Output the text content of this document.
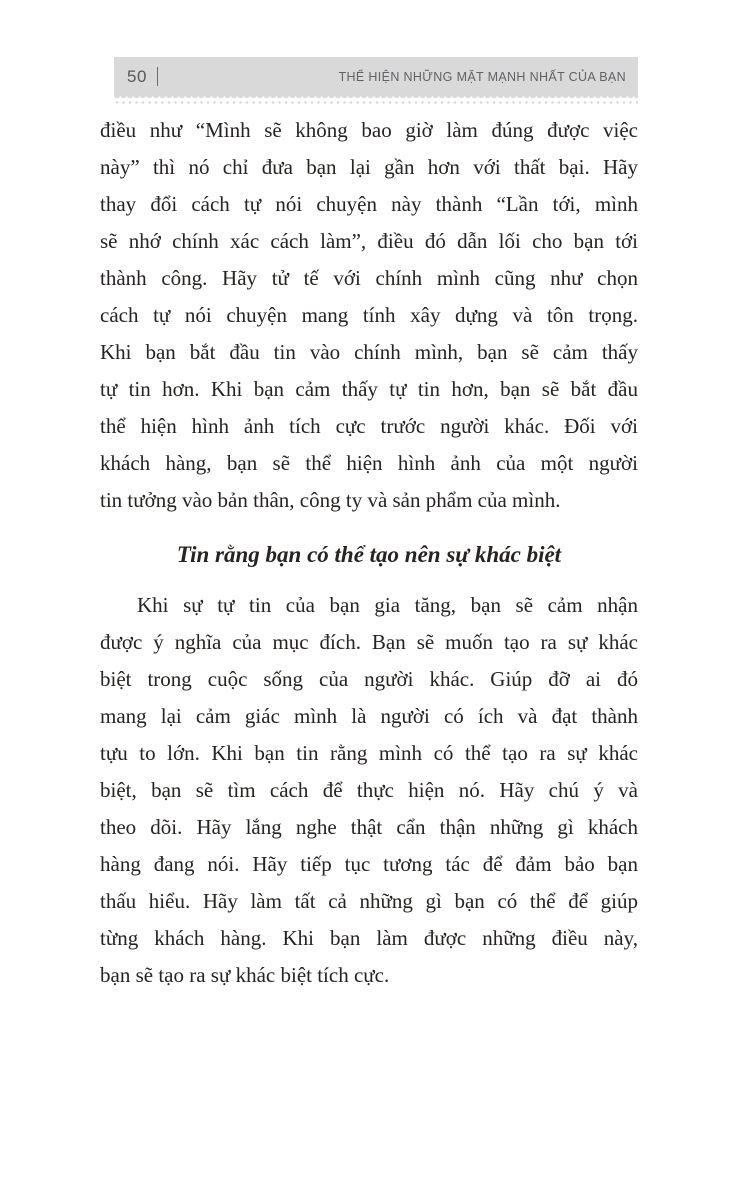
50	THỂ HIỆN NHỮNG MẶT MẠNH NHẤT CỦA BẠN
điều như “Mình sẽ không bao giờ làm đúng được việc
này” thì nó chỉ đưa bạn lại gần hơn với thất bại. Hãy
thay đổi cách tự nói chuyện này thành “Lần tới, mình
sẽ nhớ chính xác cách làm”, điều đó dẫn lối cho bạn tới
thành công. Hãy tử tế với chính mình cũng như chọn
cách tự nói chuyện mang tính xây dựng và tôn trọng.
Khi bạn bắt đầu tin vào chính mình, bạn sẽ cảm thấy
tự tin hơn. Khi bạn cảm thấy tự tin hơn, bạn sẽ bắt đầu
thể hiện hình ảnh tích cực trước người khác. Đối với
khách hàng, bạn sẽ thể hiện hình ảnh của một người
tin tưởng vào bản thân, công ty và sản phẩm của mình.
Tin rằng bạn có thể tạo nên sự khác biệt
Khi sự tự tin của bạn gia tăng, bạn sẽ cảm nhận
được ý nghĩa của mục đích. Bạn sẽ muốn tạo ra sự khác
biệt trong cuộc sống của người khác. Giúp đỡ ai đó
mang lại cảm giác mình là người có ích và đạt thành
tựu to lớn. Khi bạn tin rằng mình có thể tạo ra sự khác
biệt, bạn sẽ tìm cách để thực hiện nó. Hãy chú ý và
theo dõi. Hãy lắng nghe thật cẩn thận những gì khách
hàng đang nói. Hãy tiếp tục tương tác để đảm bảo bạn
thấu hiểu. Hãy làm tất cả những gì bạn có thể để giúp
từng khách hàng. Khi bạn làm được những điều này,
bạn sẽ tạo ra sự khác biệt tích cực.
